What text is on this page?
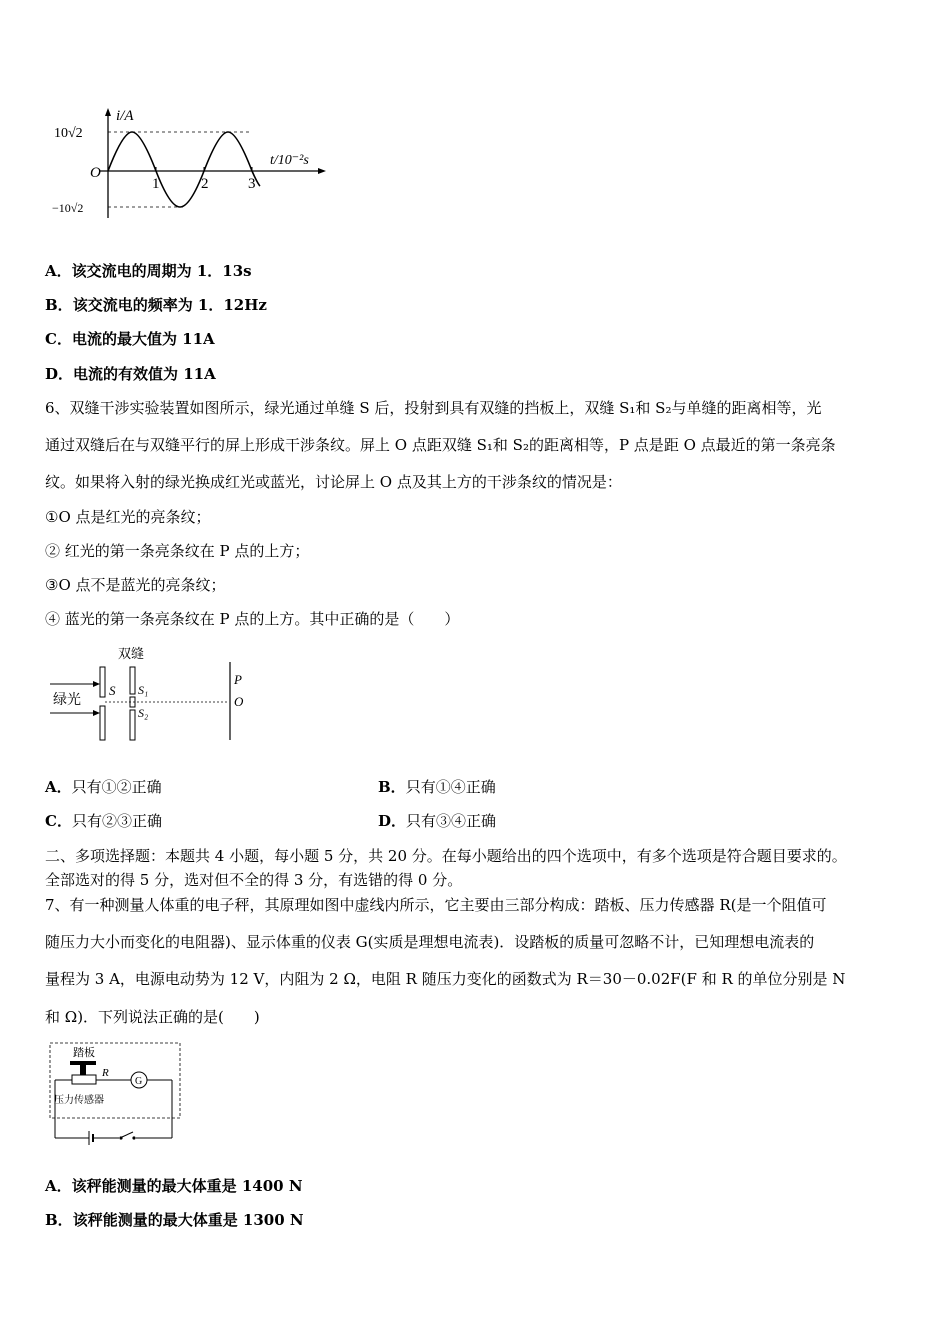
i/A
t/10⁻²s
10√2
−10√2
O
1	2	3
A．该交流电的周期为 1．13s
B．该交流电的频率为 1．12Hz
C．电流的最大值为 11A
D．电流的有效值为 11A
6、双缝干涉实验装置如图所示，绿光通过单缝 S 后，投射到具有双缝的挡板上，双缝 S₁和 S₂与单缝的距离相等，光
通过双缝后在与双缝平行的屏上形成干涉条纹。屏上 O 点距双缝 S₁和 S₂的距离相等，P 点是距 O 点最近的第一条亮条
纹。如果将入射的绿光换成红光或蓝光，讨论屏上 O 点及其上方的干涉条纹的情况是：
①O 点是红光的亮条纹；
② 红光的第一条亮条纹在 P 点的上方；
③O 点不是蓝光的亮条纹；
④ 蓝光的第一条亮条纹在 P 点的上方。其中正确的是（　　）
双缝
绿光
S S₁
S₂
P
O
A．只有①②正确	B．只有①④正确
C．只有②③正确	D．只有③④正确
二、多项选择题：本题共 4 小题，每小题 5 分，共 20 分。在每小题给出的四个选项中，有多个选项是符合题目要求的。
全部选对的得 5 分，选对但不全的得 3 分，有选错的得 0 分。
7、有一种测量人体重的电子秤，其原理如图中虚线内所示，它主要由三部分构成：踏板、压力传感器 R(是一个阻值可
随压力大小而变化的电阻器)、显示体重的仪表 G(实质是理想电流表)．设踏板的质量可忽略不计，已知理想电流表的
量程为 3 A，电源电动势为 12 V，内阻为 2 Ω，电阻 R 随压力变化的函数式为 R＝30－0.02F(F 和 R 的单位分别是 N
和 Ω)．下列说法正确的是(　　)
踏板
R
G
压力传感器
A．该秤能测量的最大体重是 1400 N
B．该秤能测量的最大体重是 1300 N
